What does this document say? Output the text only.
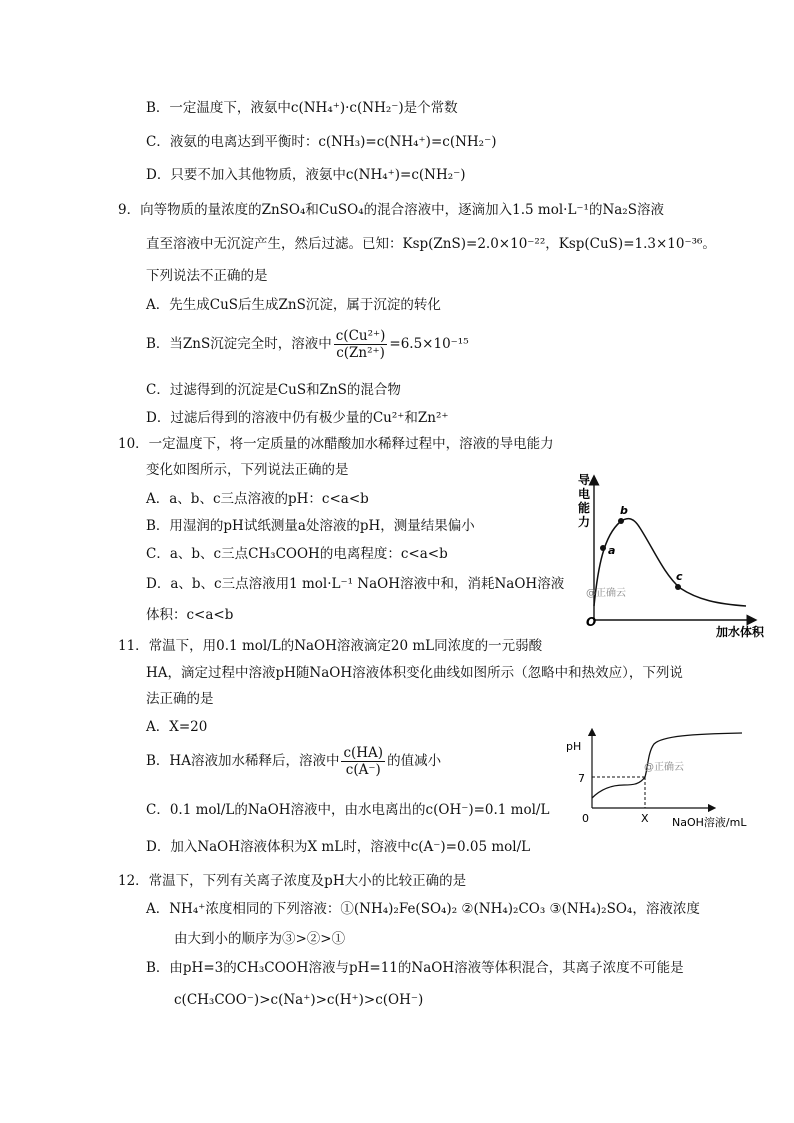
B．一定温度下，液氨中c(NH₄⁺)·c(NH₂⁻)是个常数
C．液氨的电离达到平衡时：c(NH₃)=c(NH₄⁺)=c(NH₂⁻)
D．只要不加入其他物质，液氨中c(NH₄⁺)=c(NH₂⁻)
9．向等物质的量浓度的ZnSO₄和CuSO₄的混合溶液中，逐滴加入1.5 mol·L⁻¹的Na₂S溶液
直至溶液中无沉淀产生，然后过滤。已知：Ksp(ZnS)=2.0×10⁻²²，Ksp(CuS)=1.3×10⁻³⁶。
下列说法不正确的是
A．先生成CuS后生成ZnS沉淀，属于沉淀的转化
B．当ZnS沉淀完全时，溶液中 $\frac{\text{c(Cu²⁺)}}{\text{c(Zn²⁺)}} =6.5\times 10^{-15}$
C．过滤得到的沉淀是CuS和ZnS的混合物
D．过滤后得到的溶液中仍有极少量的Cu²⁺和Zn²⁺
10．一定温度下，将一定质量的冰醋酸加水稀释过程中，溶液的导电能力
变化如图所示，下列说法正确的是
A．a、b、c三点溶液的pH：c<a<b
B．用湿润的pH试纸测量a处溶液的pH，测量结果偏小
C．a、b、c三点CH₃COOH的电离程度：c<a<b
D．a、b、c三点溶液用1 mol·L⁻¹ NaOH溶液中和，消耗NaOH溶液
体积：c<a<b
导
电
能
力
O
加水体积
a
b
c
@正确云
11．常温下，用0.1 mol/L的NaOH溶液滴定20 mL同浓度的一元弱酸
HA，滴定过程中溶液pH随NaOH溶液体积变化曲线如图所示（忽略中和热效应），下列说
法正确的是
A．X=20
B．HA溶液加水稀释后，溶液中 $\frac{c(HA)}{c(A^-)}$ 的值减小
C．0.1 mol/L的NaOH溶液中，由水电离出的c(OH⁻)=0.1 mol/L
D．加入NaOH溶液体积为X mL时，溶液中c(A⁻)=0.05 mol/L
pH
7
0	X NaOH溶液/mL
@正确云
12．常温下，下列有关离子浓度及pH大小的比较正确的是
A．NH₄⁺浓度相同的下列溶液：①(NH₄)₂Fe(SO₄)₂ ②(NH₄)₂CO₃ ③(NH₄)₂SO₄，溶液浓度
由大到小的顺序为③>②>①
B．由pH=3的CH₃COOH溶液与pH=11的NaOH溶液等体积混合，其离子浓度不可能是
c(CH₃COO⁻)>c(Na⁺)>c(H⁺)>c(OH⁻)
